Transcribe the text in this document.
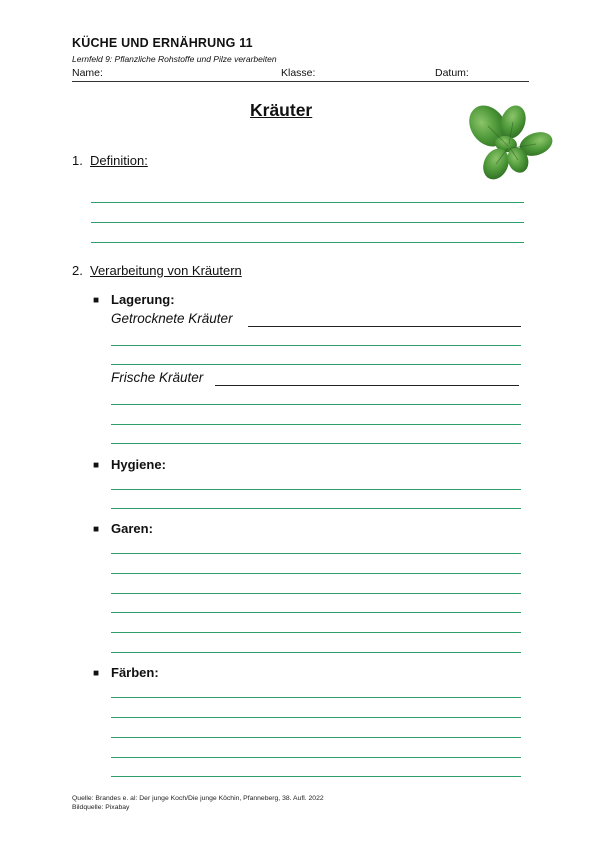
KÜCHE UND ERNÄHRUNG 11
Lernfeld 9: Pflanzliche Rohstoffe und Pilze verarbeiten
Name:	Klasse:	Datum:
Kräuter
1. Definition:
2. Verarbeitung von Kräutern
■ Lagerung:
Getrocknete Kräuter
Frische Kräuter
■ Hygiene:
■ Garen:
■ Färben:
Quelle: Brandes e. al: Der junge Koch/Die junge Köchin, Pfanneberg, 38. Aufl. 2022
Bildquelle: Pixabay
